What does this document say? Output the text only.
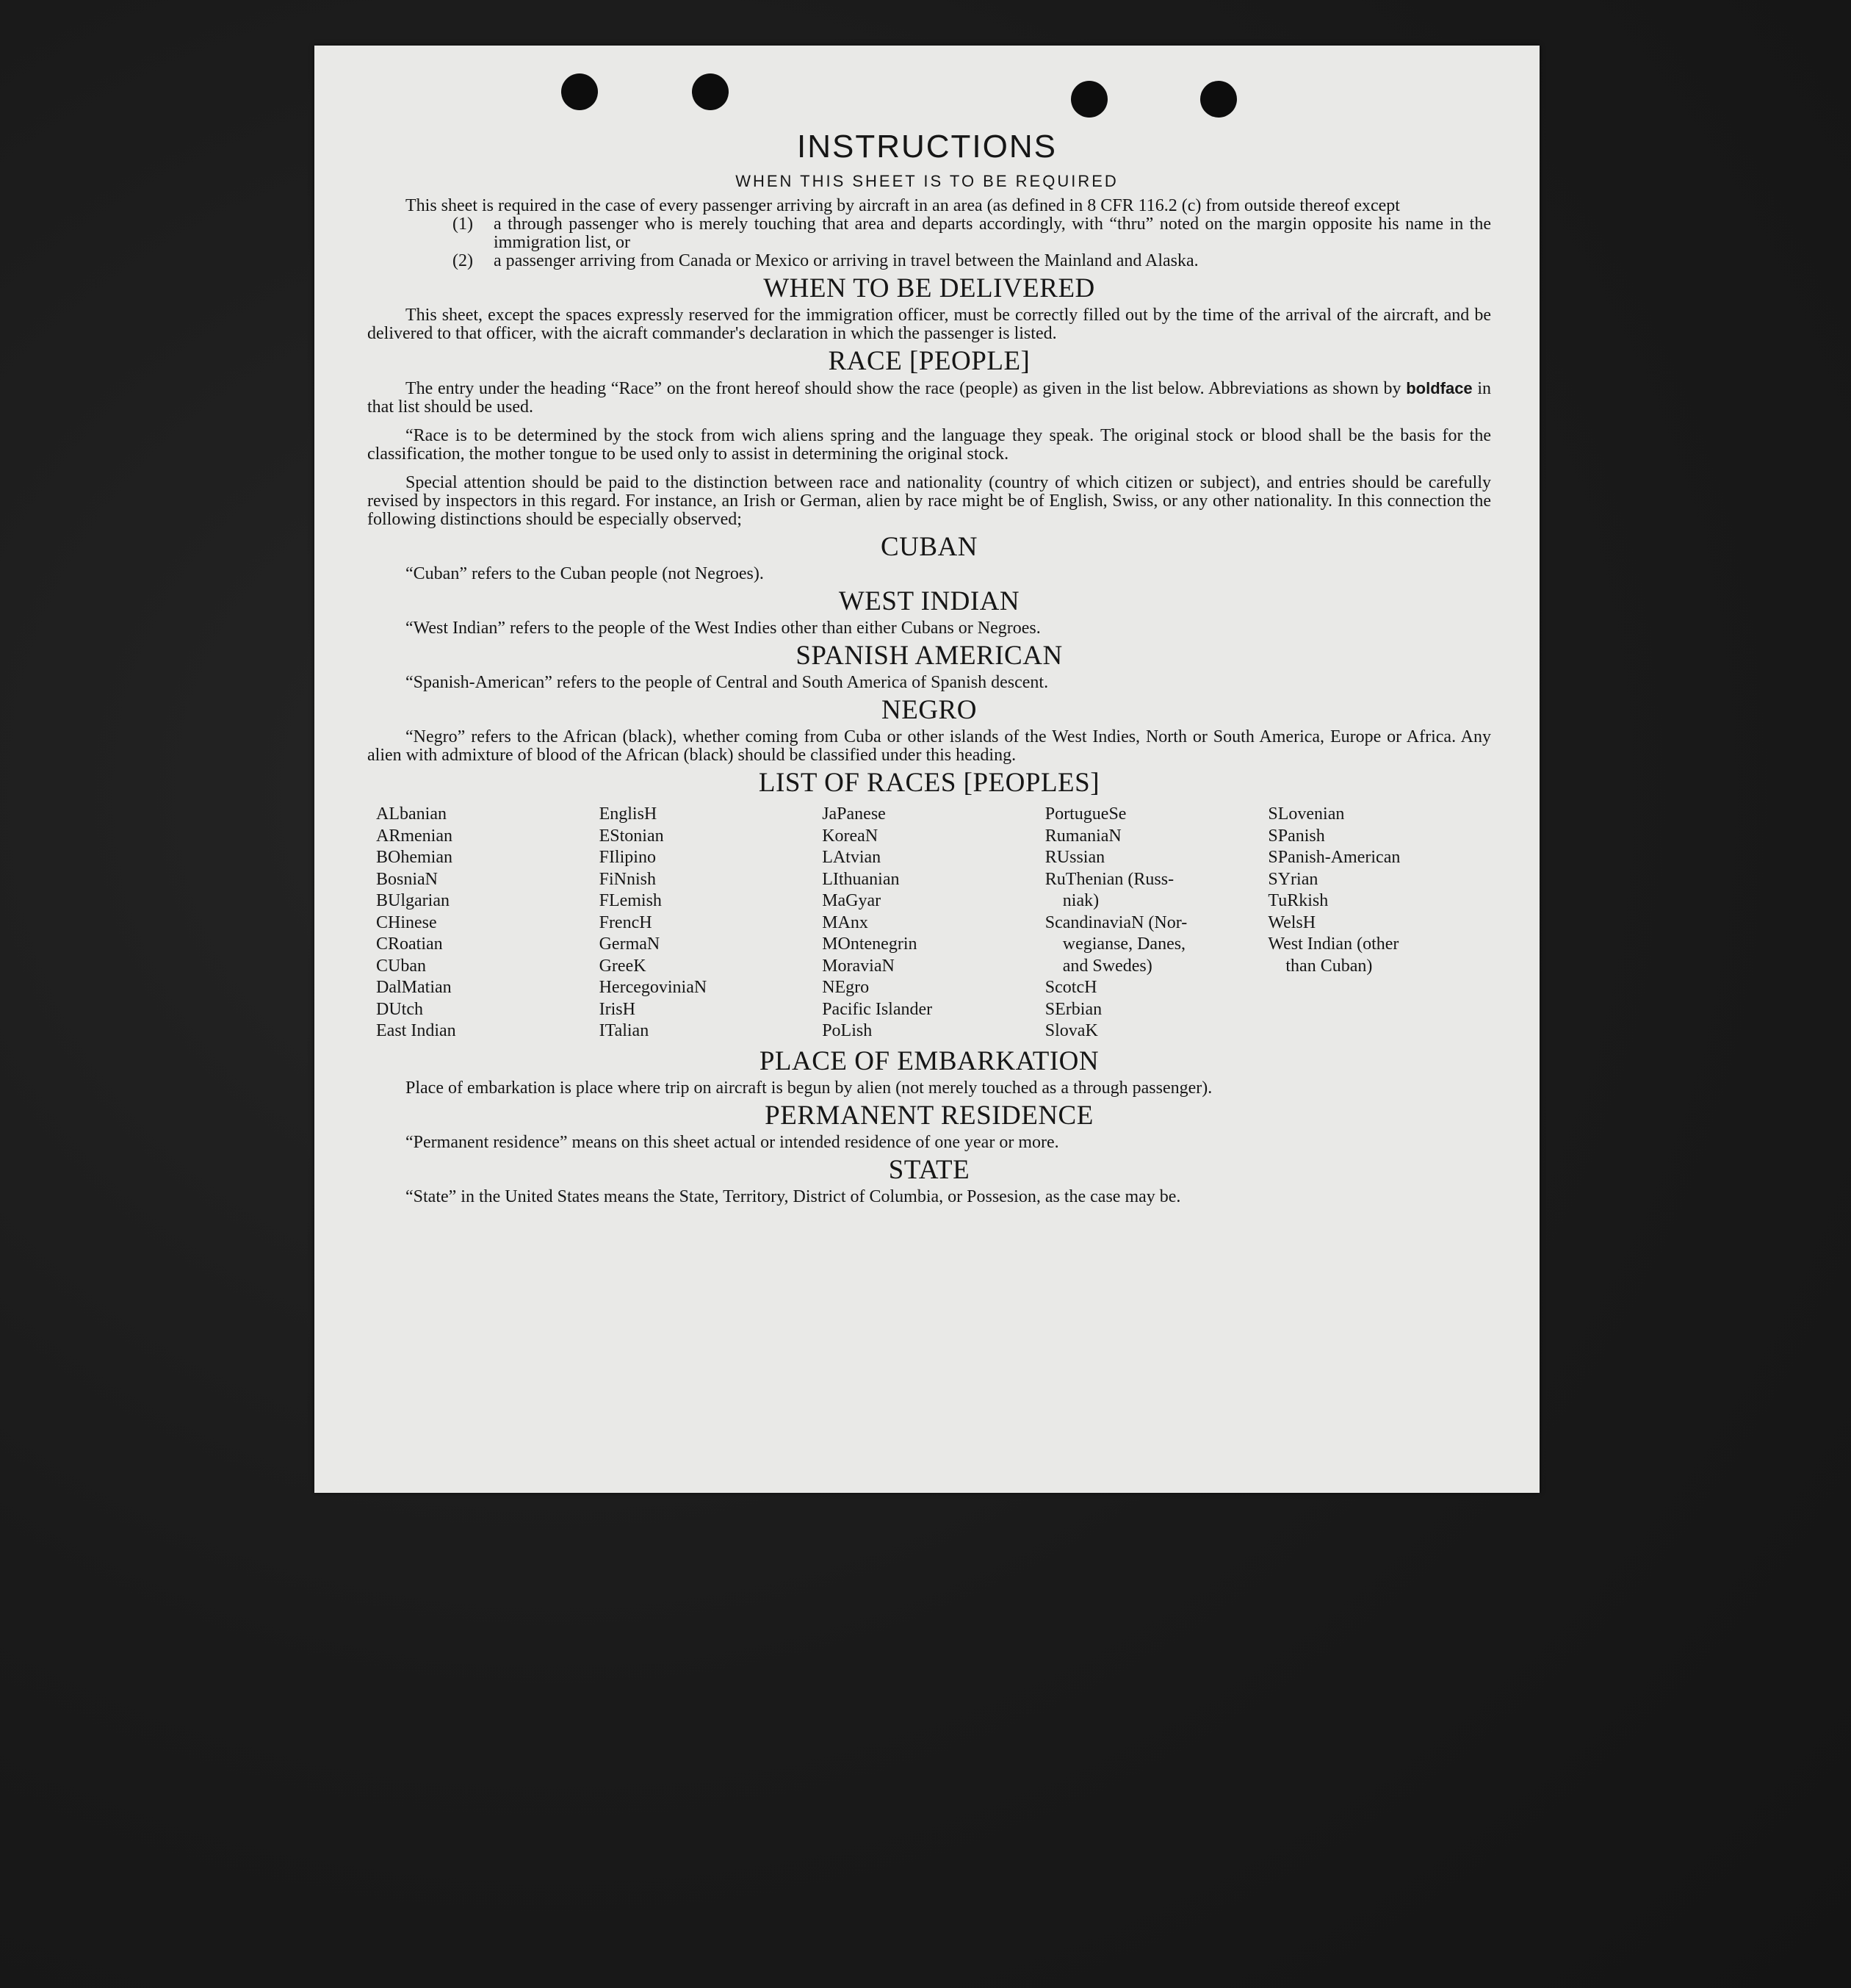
INSTRUCTIONS
WHEN THIS SHEET IS TO BE REQUIRED

This sheet is required in the case of every passenger arriving by aircraft in an area (as defined in 8 CFR 116.2 (c) from outside thereof except

(1)	a through passenger who is merely touching that area and departs accordingly, with “thru” noted on the margin opposite his name in the immigration list, or
(2)	a passenger arriving from Canada or Mexico or arriving in travel between the Mainland and Alaska.
WHEN TO BE DELIVERED

This sheet, except the spaces expressly reserved for the immigration officer, must be correctly filled out by the time of the arrival of the aircraft, and be delivered to that officer, with the aicraft commander's declaration in which the passenger is listed.

RACE [PEOPLE]

The entry under the heading “Race” on the front hereof should show the race (people) as given in the list below. Abbreviations as shown by boldface in that list should be used.

“Race is to be determined by the stock from wich aliens spring and the language they speak. The original stock or blood shall be the basis for the classification, the mother tongue to be used only to assist in determining the original stock.

Special attention should be paid to the distinction between race and nationality (country of which citizen or subject), and entries should be carefully revised by inspectors in this regard. For instance, an Irish or German, alien by race might be of English, Swiss, or any other nationality. In this connection the following distinctions should be especially observed;

CUBAN

“Cuban” refers to the Cuban people (not Negroes).

WEST INDIAN

“West Indian” refers to the people of the West Indies other than either Cubans or Negroes.

SPANISH AMERICAN

“Spanish-American” refers to the people of Central and South America of Spanish descent.

NEGRO

“Negro” refers to the African (black), whether coming from Cuba or other islands of the West Indies, North or South America, Europe or Africa. Any alien with admixture of blood of the African (black) should be classified under this heading.

LIST OF RACES [PEOPLES]
ALbanian
ARmenian
BOhemian
BosniaN
BUlgarian
CHinese
CRoatian
CUban
DalMatian
DUtch
East Indian
EnglisH
EStonian
FIlipino
FiNnish
FLemish
FrencH
GermaN
GreeK
HercegoviniaN
IrisH
ITalian
JaPanese
KoreaN
LAtvian
LIthuanian
MaGyar
MAnx
MOntenegrin
MoraviaN
NEgro
Pacific Islander
PoLish
PortugueSe
RumaniaN
RUssian
RuThenian (Russ-
niak)
ScandinaviaN (Nor-
wegianse, Danes,
and Swedes)
ScotcH
SErbian
SlovaK
SLovenian
SPanish
SPanish-American
SYrian
TuRkish
WelsH
West Indian (other
than Cuban)
PLACE OF EMBARKATION

Place of embarkation is place where trip on aircraft is begun by alien (not merely touched as a through passenger).

PERMANENT RESIDENCE

“Permanent residence” means on this sheet actual or intended residence of one year or more.

STATE

“State” in the United States means the State, Territory, District of Columbia, or Possesion, as the case may be.
